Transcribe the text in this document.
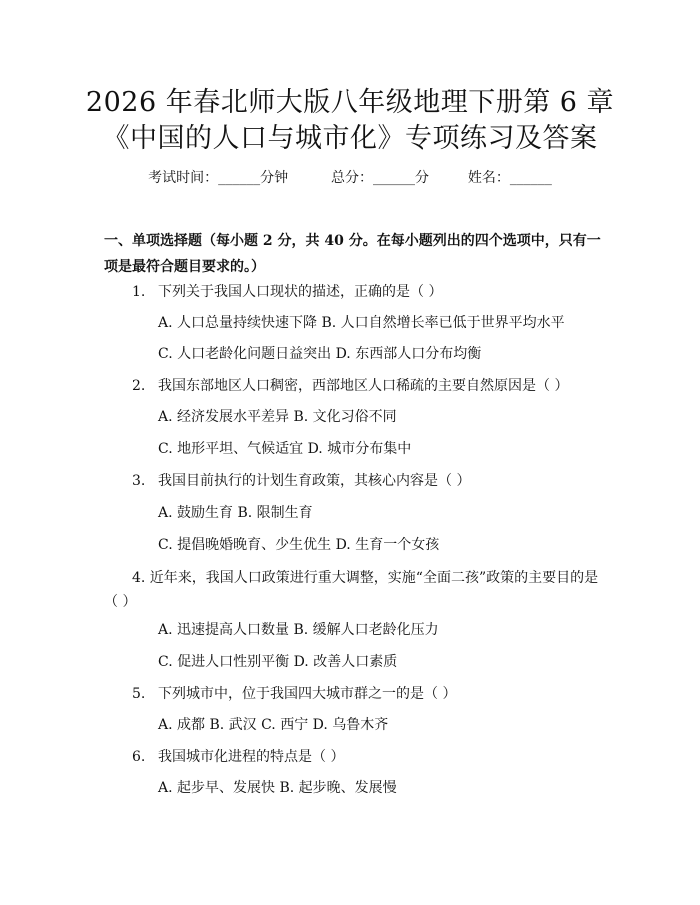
2026 年春北师大版八年级地理下册第 6 章
《中国的人口与城市化》专项练习及答案
考试时间：______分钟	总分：______分	姓名：______
一、单项选择题（每小题 2 分，共 40 分。在每小题列出的四个选项中，只有一项是最符合题目要求的。）
1. 下列关于我国人口现状的描述，正确的是（ ）
A. 人口总量持续快速下降 B. 人口自然增长率已低于世界平均水平
C. 人口老龄化问题日益突出 D. 东西部人口分布均衡
2. 我国东部地区人口稠密，西部地区人口稀疏的主要自然原因是（ ）
A. 经济发展水平差异 B. 文化习俗不同
C. 地形平坦、气候适宜 D. 城市分布集中
3. 我国目前执行的计划生育政策，其核心内容是（ ）
A. 鼓励生育 B. 限制生育
C. 提倡晚婚晚育、少生优生 D. 生育一个女孩
4. 近年来，我国人口政策进行重大调整，实施“全面二孩”政策的主要目的是（ ）
A. 迅速提高人口数量 B. 缓解人口老龄化压力
C. 促进人口性别平衡 D. 改善人口素质
5. 下列城市中，位于我国四大城市群之一的是（ ）
A. 成都 B. 武汉 C. 西宁 D. 乌鲁木齐
6. 我国城市化进程的特点是（ ）
A. 起步早、发展快 B. 起步晚、发展慢
